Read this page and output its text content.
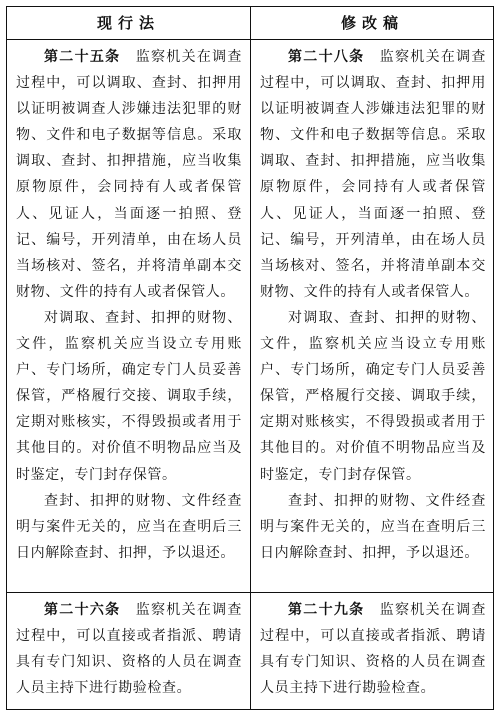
现行法	修改稿

第二十五条　 监察机关在调查过程中，可以调取、查封、扣押用以证明被调查人涉嫌违法犯罪的财物、文件和电子数据等信息。采取调取、查封、扣押措施，应当收集原物原件，会同持有人或者保管人、见证人，当面逐一拍照、登记、编号，开列清单，由在场人员当场核对、签名，并将清单副本交财物、文件的持有人或者保管人。

对调取、查封、扣押的财物、文件，监察机关应当设立专用账户、专门场所，确定专门人员妥善保管，严格履行交接、调取手续，定期对账核实，不得毁损或者用于其他目的。对价值不明物品应当及时鉴定，专门封存保管。

查封、扣押的财物、文件经查明与案件无关的，应当在查明后三日内解除查封、扣押，予以退还。

第二十八条　 监察机关在调查过程中，可以调取、查封、扣押用以证明被调查人涉嫌违法犯罪的财物、文件和电子数据等信息。采取调取、查封、扣押措施，应当收集原物原件，会同持有人或者保管人、见证人，当面逐一拍照、登记、编号，开列清单，由在场人员当场核对、签名，并将清单副本交财物、文件的持有人或者保管人。

对调取、查封、扣押的财物、文件，监察机关应当设立专用账户、专门场所，确定专门人员妥善保管，严格履行交接、调取手续，定期对账核实，不得毁损或者用于其他目的。对价值不明物品应当及时鉴定，专门封存保管。

查封、扣押的财物、文件经查明与案件无关的，应当在查明后三日内解除查封、扣押，予以退还。

第二十六条　 监察机关在调查过程中，可以直接或者指派、聘请具有专门知识、资格的人员在调查人员主持下进行勘验检查。

第二十九条　 监察机关在调查过程中，可以直接或者指派、聘请具有专门知识、资格的人员在调查人员主持下进行勘验检查。
